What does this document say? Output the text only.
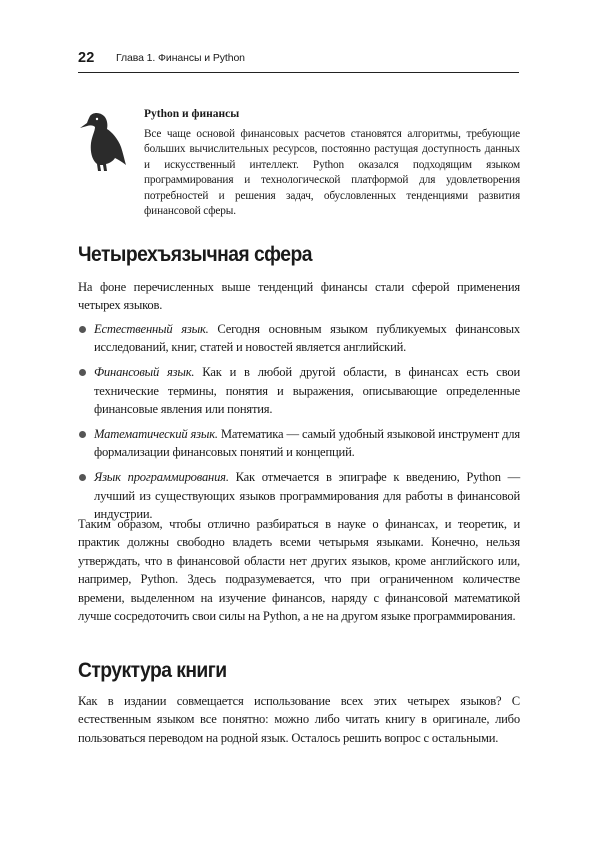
22 Глава 1. Финансы и Python

Python и финансы

Все чаще основой финансовых расчетов становятся алгоритмы, требующие больших вычислительных ресурсов, постоянно растущая доступность данных и искусственный интеллект. Python оказался подходящим языком программирования и технологической платформой для удовлетворения потребностей и решения задач, обусловленных тенденциями развития финансовой сферы.

Четырехъязычная сфера

На фоне перечисленных выше тенденций финансы стали сферой применения четырех языков.

Естественный язык. Сегодня основным языком публикуемых финансовых исследований, книг, статей и новостей является английский.
Финансовый язык. Как и в любой другой области, в финансах есть свои технические термины, понятия и выражения, описывающие определенные финансовые явления или понятия.
Математический язык. Математика — самый удобный языковой инструмент для формализации финансовых понятий и концепций.
Язык программирования. Как отмечается в эпиграфе к введению, Python — лучший из существующих языков программирования для работы в финансовой индустрии.

Таким образом, чтобы отлично разбираться в науке о финансах, и теоретик, и практик должны свободно владеть всеми четырьмя языками. Конечно, нельзя утверждать, что в финансовой области нет других языков, кроме английского или, например, Python. Здесь подразумевается, что при ограниченном количестве времени, выделенном на изучение финансов, наряду с финансовой математикой лучше сосредоточить свои силы на Python, а не на другом языке программирования.

Структура книги

Как в издании совмещается использование всех этих четырех языков? С естественным языком все понятно: можно либо читать книгу в оригинале, либо пользоваться переводом на родной язык. Осталось решить вопрос с остальными.
